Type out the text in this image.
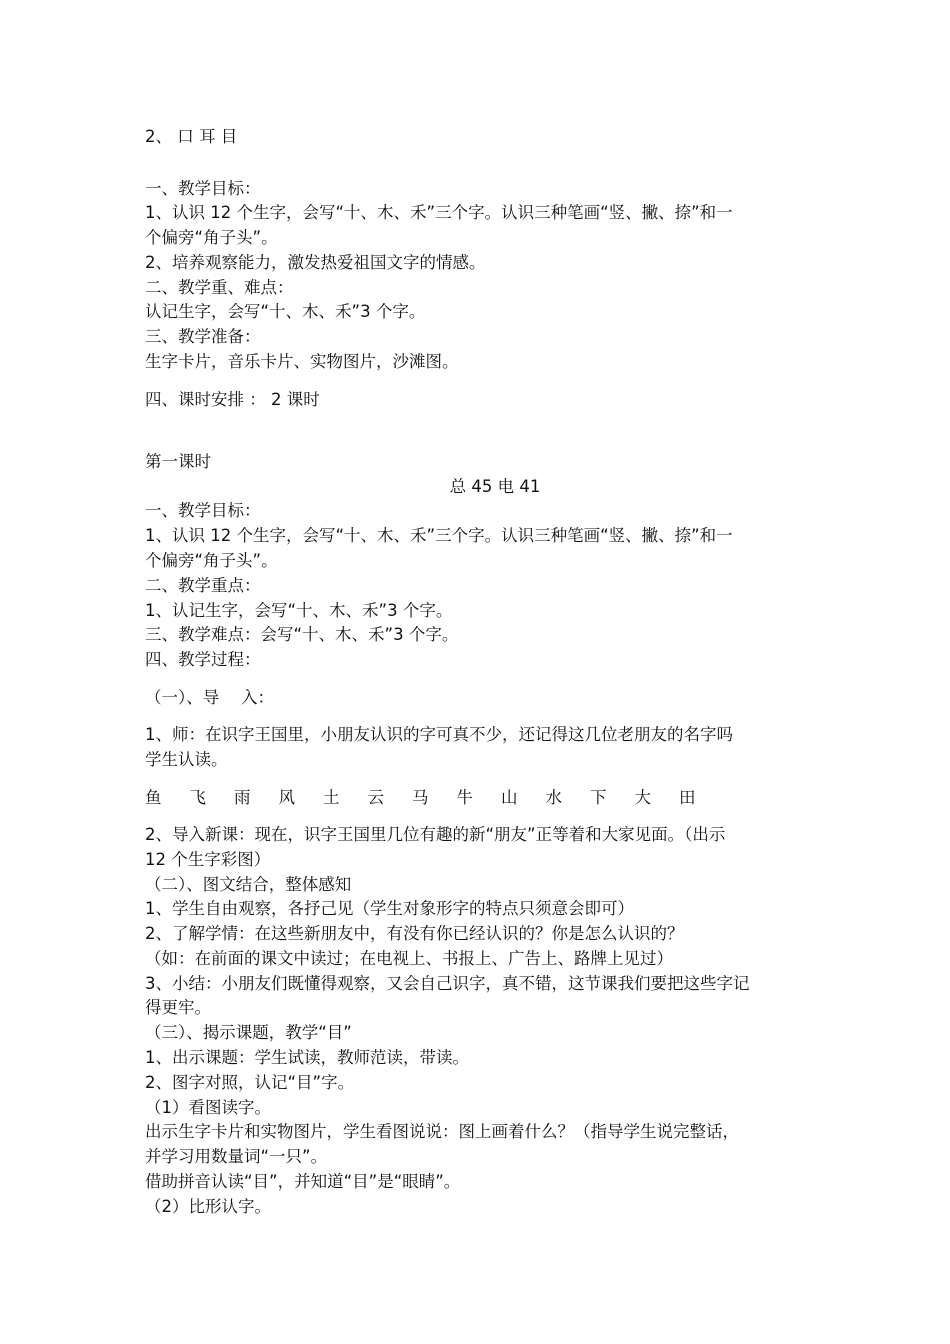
2、 口 耳 目
一、教学目标：
1、认识 12 个生字，会写“十、木、禾”三个字。认识三种笔画“竖、撇、捺”和一
个偏旁“角子头”。
2、培养观察能力，激发热爱祖国文字的情感。
二、教学重、难点：
认记生字，会写“十、木、禾”3 个字。
三、教学准备：
生字卡片，音乐卡片、实物图片，沙滩图。
四、课时安排 ： 2 课时
第一课时
总 45 电 41
一、教学目标：
1、认识 12 个生字，会写“十、木、禾”三个字。认识三种笔画“竖、撇、捺”和一
个偏旁“角子头”。
二、教学重点：
1、认记生字，会写“十、木、禾”3 个字。
三、教学难点：会写“十、木、禾”3 个字。
四、教学过程：
（一）、导　 入：
1、师：在识字王国里，小朋友认识的字可真不少，还记得这几位老朋友的名字吗
学生认读。
鱼	飞	雨	风	土	云	马	牛	山	水	下	大	田
2、导入新课：现在，识字王国里几位有趣的新“朋友”正等着和大家见面。（出示
12 个生字彩图）
（二）、图文结合，整体感知
1、学生自由观察，各抒己见（学生对象形字的特点只须意会即可）
2、了解学情：在这些新朋友中，有没有你已经认识的？你是怎么认识的？
（如：在前面的课文中读过；在电视上、书报上、广告上、路牌上见过）
3、小结：小朋友们既懂得观察，又会自己识字，真不错，这节课我们要把这些字记
得更牢。
（三）、揭示课题，教学“目”
1、出示课题：学生试读，教师范读，带读。
2、图字对照，认记“目”字。
（1）看图读字。
出示生字卡片和实物图片，学生看图说说：图上画着什么？（指导学生说完整话，
并学习用数量词“一只”。
借助拼音认读“目”，并知道“目”是“眼睛”。
（2）比形认字。
